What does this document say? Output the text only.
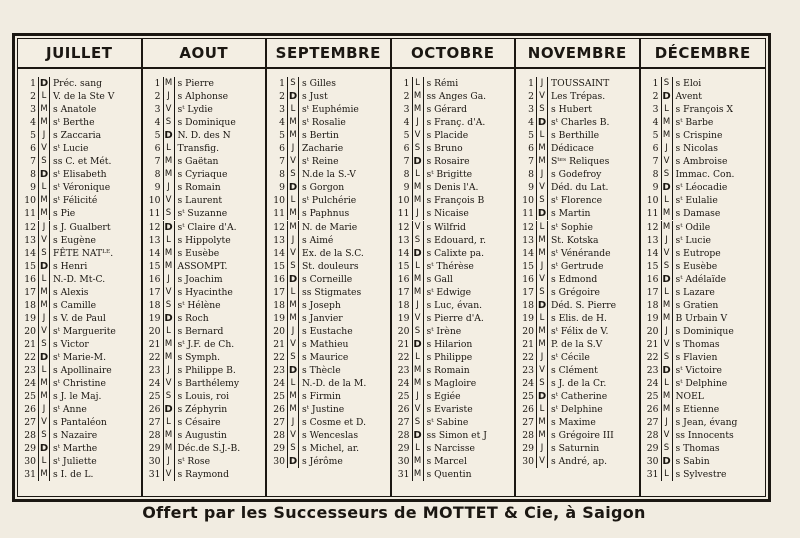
JUILLET
1 D Préc. sang
2 L V. de la Ste V
3 M s Anatole
4 M sᵗ Berthe
5 J s Zaccaria
6 V sᵗ Lucie
7 S ss C. et Mét.
8 D sᵗ Elisabeth
9 L sᵗ Véronique
10 M sᵗ Félicité
11 M s Pie
12 J s J. Gualbert
13 V s Eugène
14 S FÊTE NATᴸᴱ.
15 D s Henri
16 L N.-D. Mt-C.
17 M s Alexis
18 M s Camille
19 J s V. de Paul
20 V sᵗ Marguerite
21 S s Victor
22 D sᵗ Marie-M.
23 L s Apollinaire
24 M sᵗ Christine
25 M s J. le Maj.
26 J sᵗ Anne
27 V s Pantaléon
28 S s Nazaire
29 D sᵗ Marthe
30 L sᵗ Juliette
31 M s I. de L.
AOUT
1 M s Pierre
2 J s Alphonse
3 V sᵗ Lydie
4 S s Dominique
5 D N. D. des N
6 L Transfig.
7 M s Gaëtan
8 M s Cyriaque
9 J s Romain
10 V s Laurent
11 S sᵗ Suzanne
12 D sᵗ Claire d'A.
13 L s Hippolyte
14 M s Eusèbe
15 M ASSOMPT.
16 J s Joachim
17 V s Hyacinthe
18 S sᵗ Hélène
19 D s Roch
20 L s Bernard
21 M sᵗ J.F. de Ch.
22 M s Symph.
23 J s Philippe B.
24 V s Barthélemy
25 S s Louis, roi
26 D s Zéphyrin
27 L s Césaire
28 M s Augustin
29 M Déc.de S.J.-B.
30 J sᵗ Rose
31 V s Raymond
SEPTEMBRE
1 S s Gilles
2 D s Just
3 L sᵗ Euphémie
4 M sᵗ Rosalie
5 M s Bertin
6 J Zacharie
7 V sᵗ Reine
8 S N.de la S.-V
9 D s Gorgon
10 L sᵗ Pulchérie
11 M s Paphnus
12 M N. de Marie
13 J s Aimé
14 V Ex. de la S.C.
15 S St. douleurs
16 D s Corneille
17 L ss Stigmates
18 M s Joseph
19 M s Janvier
20 J s Eustache
21 V s Mathieu
22 S s Maurice
23 D s Thècle
24 L N.-D. de la M.
25 M s Firmin
26 M sᵗ Justine
27 J s Cosme et D.
28 V s Wenceslas
29 S s Michel, ar.
30 D s Jérôme
OCTOBRE
1 L s Rémi
2 M ss Anges Ga.
3 M s Gérard
4 J s Franç. d'A.
5 V s Placide
6 S s Bruno
7 D s Rosaire
8 L sᵗ Brigitte
9 M s Denis l'A.
10 M s François B
11 J s Nicaise
12 V s Wilfrid
13 S s Edouard, r.
14 D s Calixte pa.
15 L sᵗ Thérèse
16 M s Gall
17 M sᵗ Edwige
18 J s Luc, évan.
19 V s Pierre d'A.
20 S sᵗ Irène
21 D s Hilarion
22 L s Philippe
23 M s Romain
24 M s Magloire
25 J s Egiée
26 V s Evariste
27 S sᵗ Sabine
28 D ss Simon et J
29 L s Narcisse
30 M s Marcel
31 M s Quentin
NOVEMBRE
1 J TOUSSAINT
2 V Les Trépas.
3 S s Hubert
4 D sᵗ Charles B.
5 L s Berthille
6 M Dédicace
7 M Sᵗᵉˢ Reliques
8 J s Godefroy
9 V Déd. du Lat.
10 S sᵗ Florence
11 D s Martin
12 L sᵗ Sophie
13 M St. Kotska
14 M sᵗ Vénérande
15 J sᵗ Gertrude
16 V s Edmond
17 S s Grégoire
18 D Déd. S. Pierre
19 L s Elis. de H.
20 M sᵗ Félix de V.
21 M P. de la S.V
22 J sᵗ Cécile
23 V s Clément
24 S s J. de la Cr.
25 D sᵗ Catherine
26 L sᵗ Delphine
27 M s Maxime
28 M s Grégoire III
29 J s Saturnin
30 V s André, ap.
DÉCEMBRE
1 S s Eloi
2 D Avent
3 L s François X
4 M sᵗ Barbe
5 M s Crispine
6 J s Nicolas
7 V s Ambroise
8 S Immac. Con.
9 D sᵗ Léocadie
10 L sᵗ Eulalie
11 M s Damase
12 M sᵗ Odile
13 J sᵗ Lucie
14 V s Eutrope
15 S s Eusèbe
16 D sᵗ Adélaïde
17 L s Lazare
18 M s Gratien
19 M B Urbain V
20 J s Dominique
21 V s Thomas
22 S s Flavien
23 D sᵗ Victoire
24 L sᵗ Delphine
25 M NOEL
26 M s Etienne
27 J s Jean, évang
28 V ss Innocents
29 S s Thomas
30 D s Sabin
31 L s Sylvestre
Offert par les Successeurs de MOTTET & Cie, à Saigon
